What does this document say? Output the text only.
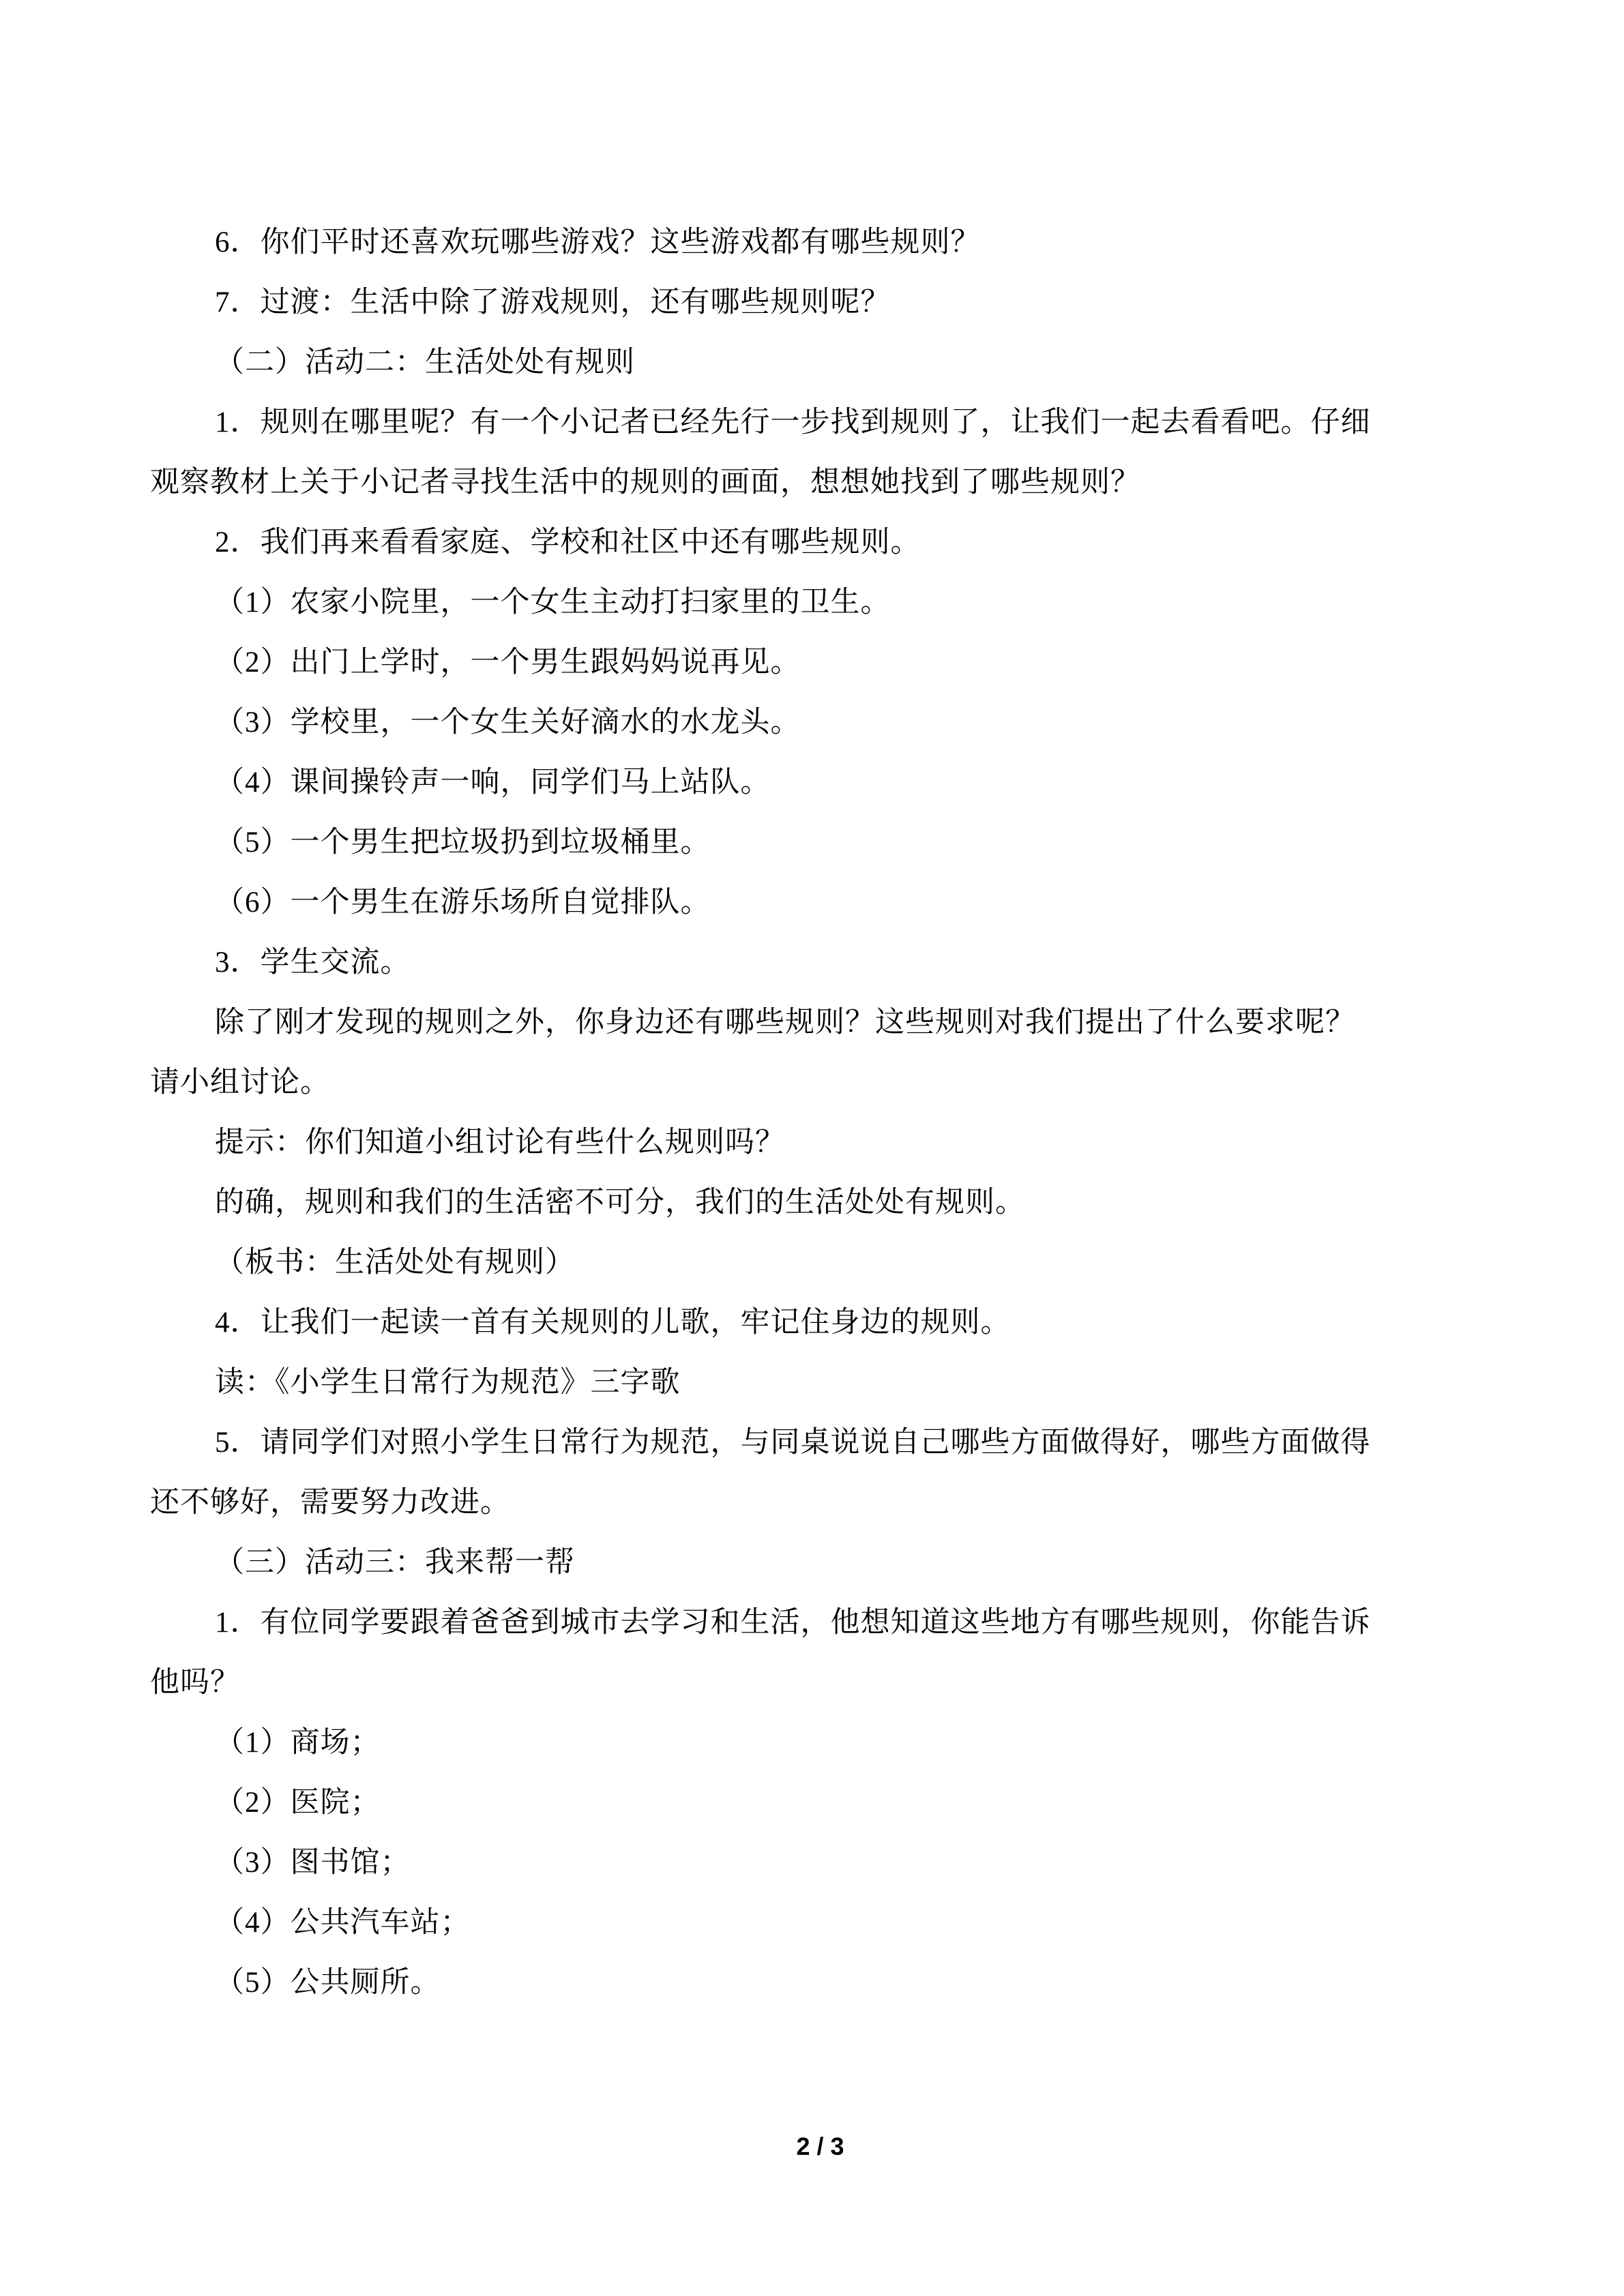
6．你们平时还喜欢玩哪些游戏？这些游戏都有哪些规则？
7．过渡：生活中除了游戏规则，还有哪些规则呢？
（二）活动二：生活处处有规则
1．规则在哪里呢？有一个小记者已经先行一步找到规则了，让我们一起去看看吧。仔细
观察教材上关于小记者寻找生活中的规则的画面，想想她找到了哪些规则？
2．我们再来看看家庭、学校和社区中还有哪些规则。
（1）农家小院里，一个女生主动打扫家里的卫生。
（2）出门上学时，一个男生跟妈妈说再见。
（3）学校里，一个女生关好滴水的水龙头。
（4）课间操铃声一响，同学们马上站队。
（5）一个男生把垃圾扔到垃圾桶里。
（6）一个男生在游乐场所自觉排队。
3．学生交流。
除了刚才发现的规则之外，你身边还有哪些规则？这些规则对我们提出了什么要求呢？
请小组讨论。
提示：你们知道小组讨论有些什么规则吗？
的确，规则和我们的生活密不可分，我们的生活处处有规则。
（板书：生活处处有规则）
4．让我们一起读一首有关规则的儿歌，牢记住身边的规则。
读：《小学生日常行为规范》三字歌
5．请同学们对照小学生日常行为规范，与同桌说说自己哪些方面做得好，哪些方面做得
还不够好，需要努力改进。
（三）活动三：我来帮一帮
1．有位同学要跟着爸爸到城市去学习和生活，他想知道这些地方有哪些规则，你能告诉
他吗？
（1）商场；
（2）医院；
（3）图书馆；
（4）公共汽车站；
（5）公共厕所。
2 / 3
